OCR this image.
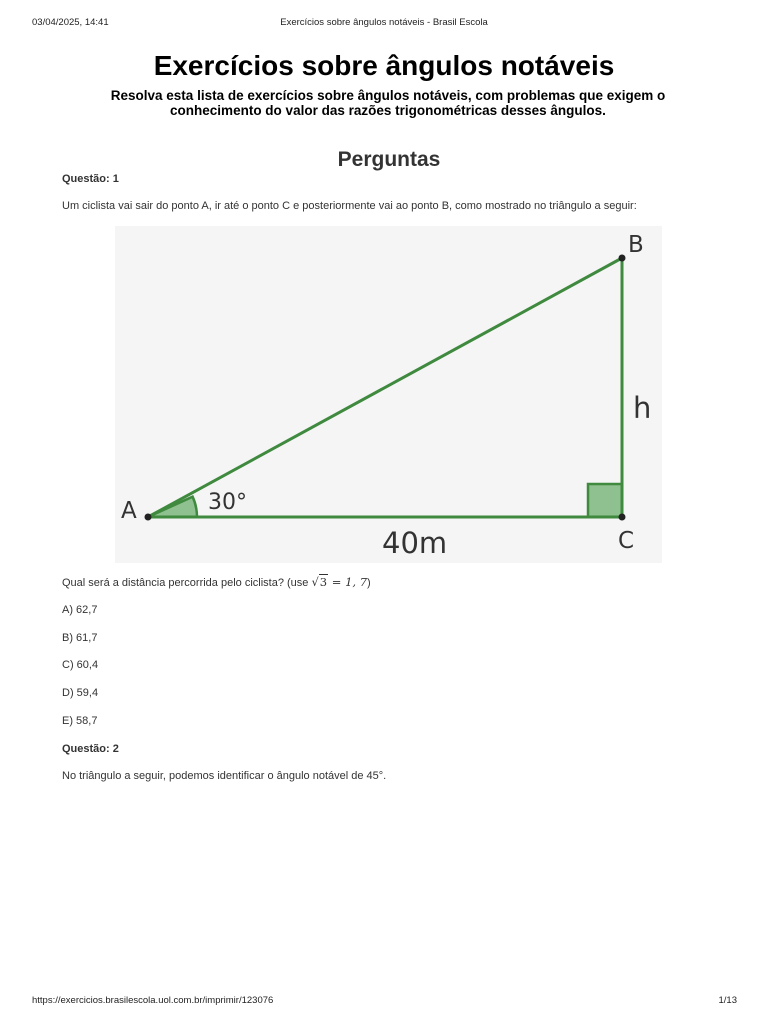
03/04/2025, 14:41	Exercícios sobre ângulos notáveis - Brasil Escola
Exercícios sobre ângulos notáveis

Resolva esta lista de exercícios sobre ângulos notáveis, com problemas que exigem o conhecimento do valor das razões trigonométricas desses ângulos.

Perguntas
Questão: 1
Um ciclista vai sair do ponto A, ir até o ponto C e posteriormente vai ao ponto B, como mostrado no triângulo a seguir:
A
B
C
30°
40m
h
Qual será a distância percorrida pelo ciclista? (use √3 = 1, 7)
A) 62,7
B) 61,7
C) 60,4
D) 59,4
E) 58,7
Questão: 2
No triângulo a seguir, podemos identificar o ângulo notável de 45°.
https://exercicios.brasilescola.uol.com.br/imprimir/123076	1/13
